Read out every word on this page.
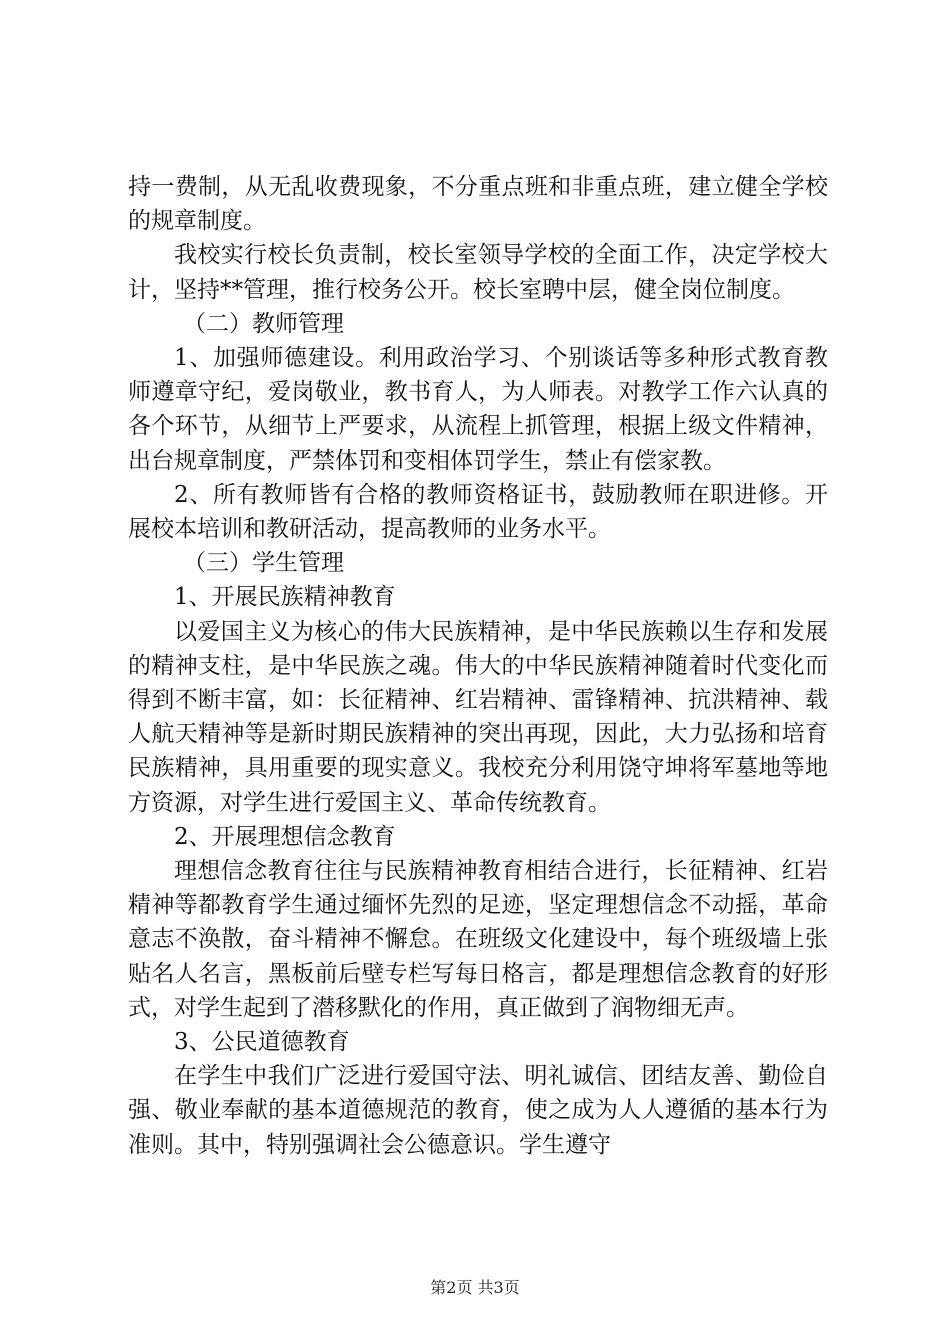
持一费制，从无乱收费现象，不分重点班和非重点班，建立健全学校的规章制度。

我校实行校长负责制，校长室领导学校的全面工作，决定学校大计，坚持**管理，推行校务公开。校长室聘中层，健全岗位制度。

（二）教师管理

1、加强师德建设。利用政治学习、个别谈话等多种形式教育教师遵章守纪，爱岗敬业，教书育人，为人师表。对教学工作六认真的各个环节，从细节上严要求，从流程上抓管理，根据上级文件精神，出台规章制度，严禁体罚和变相体罚学生，禁止有偿家教。

2、所有教师皆有合格的教师资格证书，鼓励教师在职进修。开展校本培训和教研活动，提高教师的业务水平。

（三）学生管理

1、开展民族精神教育

以爱国主义为核心的伟大民族精神，是中华民族赖以生存和发展的精神支柱，是中华民族之魂。伟大的中华民族精神随着时代变化而得到不断丰富，如：长征精神、红岩精神、雷锋精神、抗洪精神、载人航天精神等是新时期民族精神的突出再现，因此，大力弘扬和培育民族精神，具用重要的现实意义。我校充分利用饶守坤将军墓地等地方资源，对学生进行爱国主义、革命传统教育。

2、开展理想信念教育

理想信念教育往往与民族精神教育相结合进行，长征精神、红岩精神等都教育学生通过缅怀先烈的足迹，坚定理想信念不动摇，革命意志不涣散，奋斗精神不懈怠。在班级文化建设中，每个班级墙上张贴名人名言，黑板前后壁专栏写每日格言，都是理想信念教育的好形式，对学生起到了潜移默化的作用，真正做到了润物细无声。

3、公民道德教育

在学生中我们广泛进行爱国守法、明礼诚信、团结友善、勤俭自强、敬业奉献的基本道德规范的教育，使之成为人人遵循的基本行为准则。其中，特别强调社会公德意识。学生遵守

第2页 共3页
